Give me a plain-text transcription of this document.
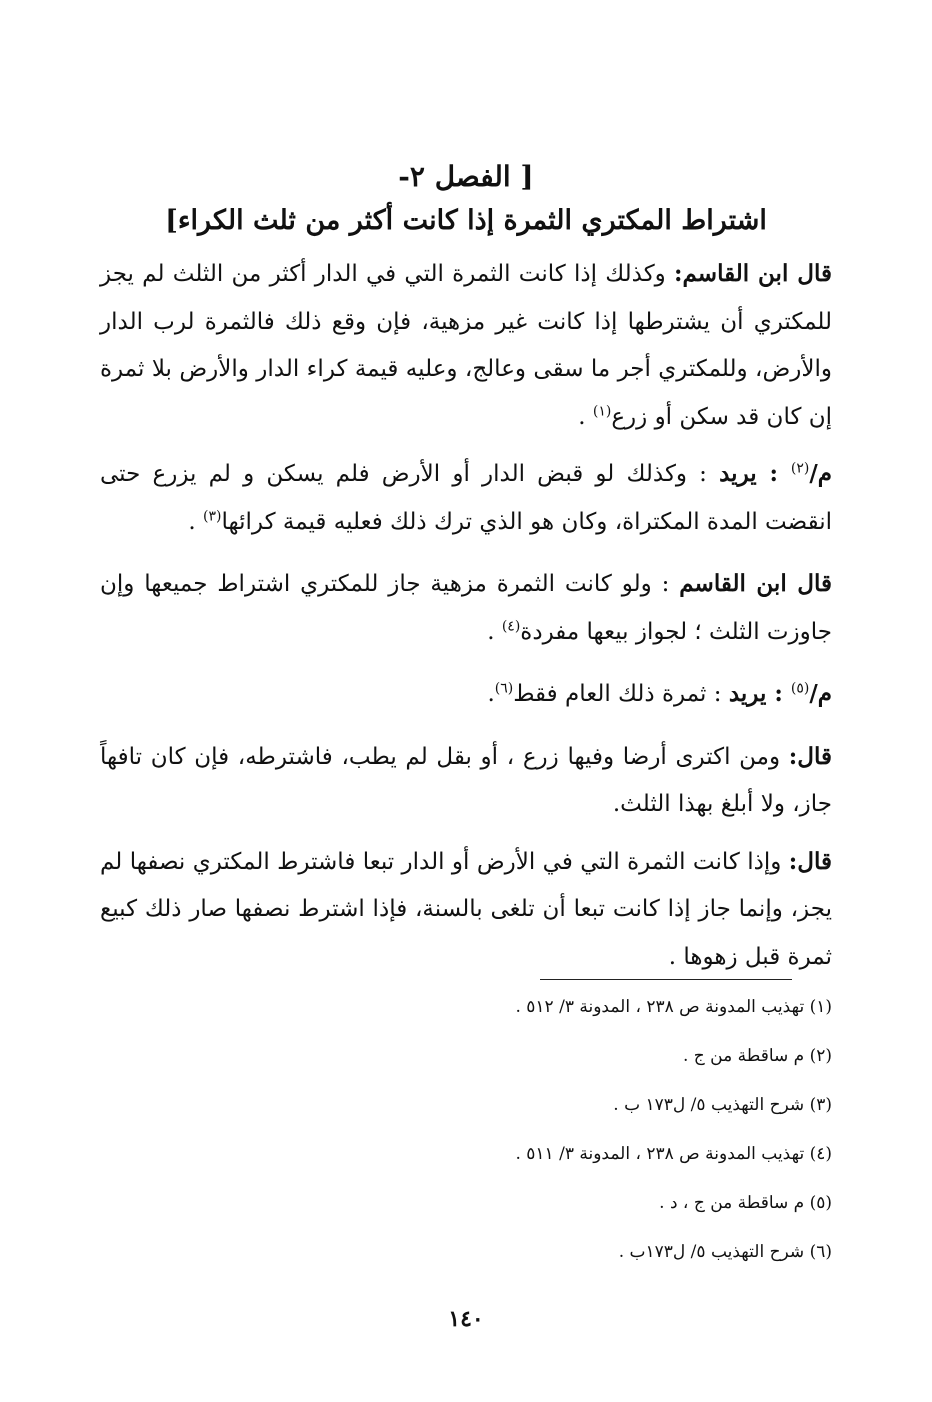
[ الفصل ٢-
اشتراط المكتري الثمرة إذا كانت أكثر من ثلث الكراء]

قال ابن القاسم: وكذلك إذا كانت الثمرة التي في الدار أكثر من الثلث لم يجز للمكتري أن يشترطها إذا كانت غير مزهية، فإن وقع ذلك فالثمرة لرب الدار والأرض، وللمكتري أجر ما سقى وعالج، وعليه قيمة كراء الدار والأرض بلا ثمرة إن كان قد سكن أو زرع$^{(١)}$ .

م/$^{(٢)}$ : يريد : وكذلك لو قبض الدار أو الأرض فلم يسكن و لم يزرع حتى انقضت المدة المكتراة، وكان هو الذي ترك ذلك فعليه قيمة كرائها$^{(٣)}$ .

قال ابن القاسم : ولو كانت الثمرة مزهية جاز للمكتري اشتراط جميعها وإن جاوزت الثلث ؛ لجواز بيعها مفردة$^{(٤)}$ .

م/$^{(٥)}$ : يريد : ثمرة ذلك العام فقط$^{(٦)}$.

قال: ومن اكترى أرضا وفيها زرع ، أو بقل لم يطب، فاشترطه، فإن كان تافهاً جاز، ولا أبلغ بهذا الثلث.

قال: وإذا كانت الثمرة التي في الأرض أو الدار تبعا فاشترط المكتري نصفها لم يجز، وإنما جاز إذا كانت تبعا أن تلغى بالسنة، فإذا اشترط نصفها صار ذلك كبيع ثمرة قبل زهوها .

(١) تهذيب المدونة ص ٢٣٨ ، المدونة ٣/ ٥١٢ .
(٢) م ساقطة من ج .
(٣) شرح التهذيب ٥/ ل١٧٣ ب .
(٤) تهذيب المدونة ص ٢٣٨ ، المدونة ٣/ ٥١١ .
(٥) م ساقطة من ج ، د .
(٦) شرح التهذيب ٥/ ل١٧٣ب .
١٤٠
